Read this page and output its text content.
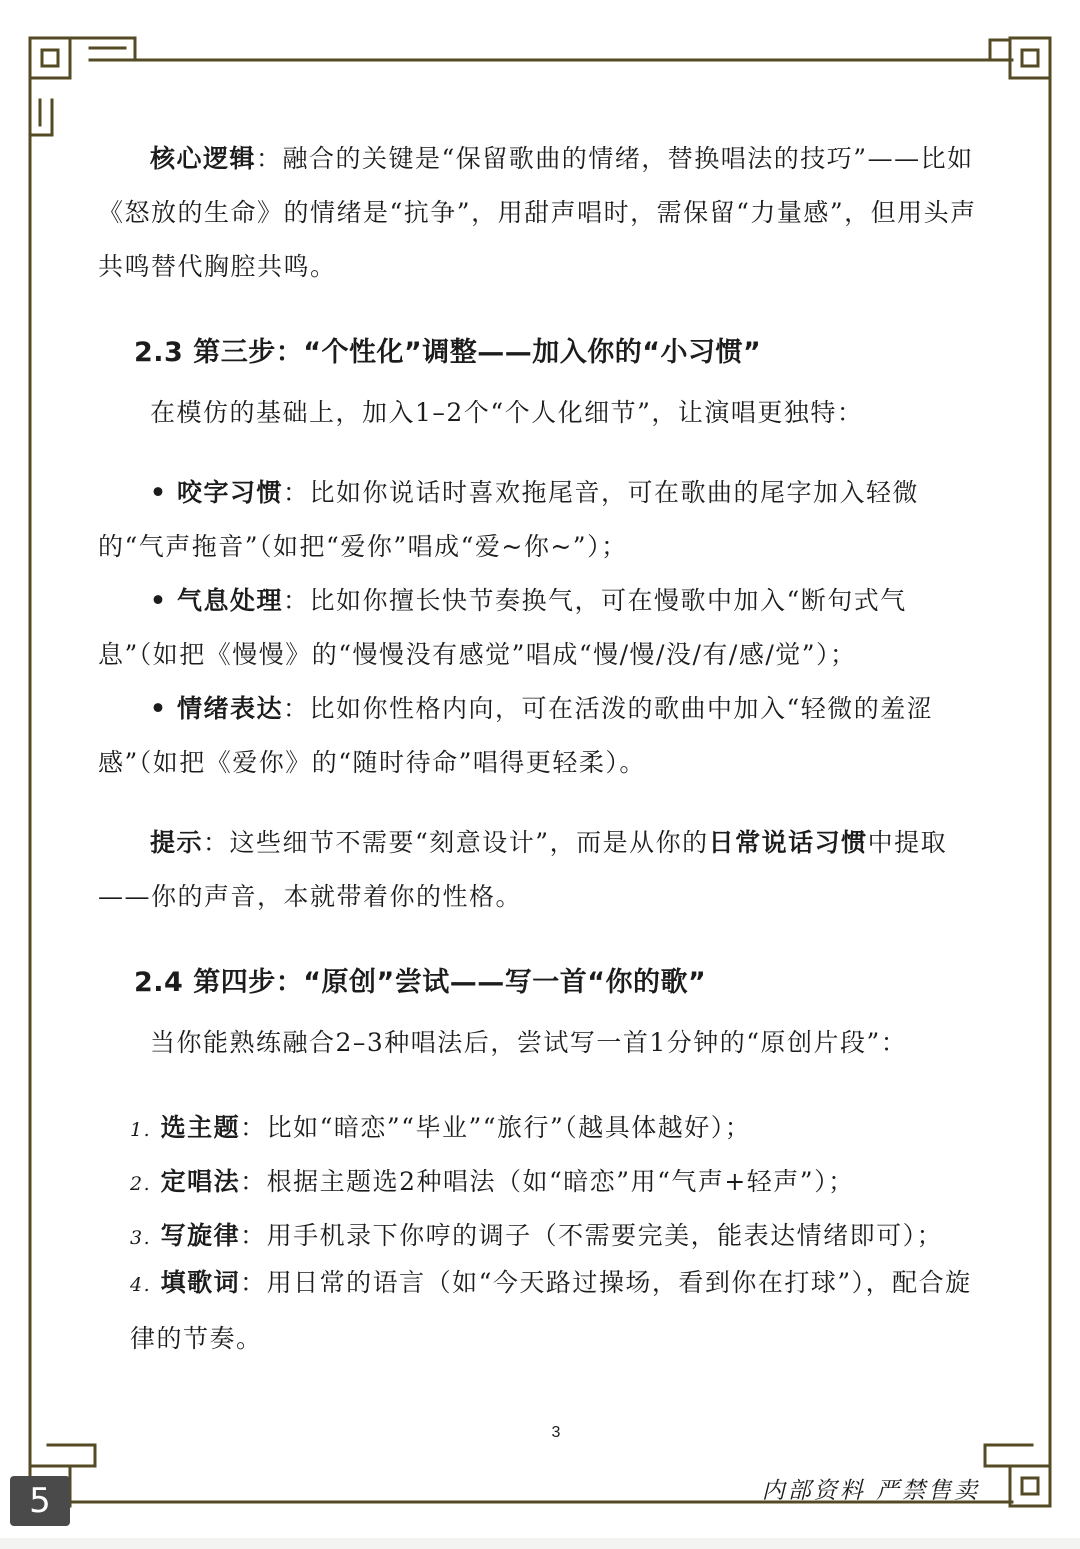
核心逻辑：融合的关键是“保留歌曲的情绪，替换唱法的技巧”——比如《怒放的生命》的情绪是“抗争”，用甜声唱时，需保留“力量感”，但用头声共鸣替代胸腔共鸣。

2.3 第三步：“个性化”调整——加入你的“小习惯”

在模仿的基础上，加入1–2个“个人化细节”，让演唱更独特：

• 咬字习惯：比如你说话时喜欢拖尾音，可在歌曲的尾字加入轻微的“气声拖音”（如把“爱你”唱成“爱~你~”）；

• 气息处理：比如你擅长快节奏换气，可在慢歌中加入“断句式气息”（如把《慢慢》的“慢慢没有感觉”唱成“慢/慢/没/有/感/觉”）；

• 情绪表达：比如你性格内向，可在活泼的歌曲中加入“轻微的羞涩感”（如把《爱你》的“随时待命”唱得更轻柔）。

提示：这些细节不需要“刻意设计”，而是从你的日常说话习惯中提取——你的声音，本就带着你的性格。

2.4 第四步：“原创”尝试——写一首“你的歌”

当你能熟练融合2–3种唱法后，尝试写一首1分钟的“原创片段”：

1. 选主题：比如“暗恋”“毕业”“旅行”（越具体越好）；

2. 定唱法：根据主题选2种唱法（如“暗恋”用“气声+轻声”）；

3. 写旋律：用手机录下你哼的调子（不需要完美，能表达情绪即可）；

4. 填歌词：用日常的语言（如“今天路过操场，看到你在打球”），配合旋律的节奏。

3
内部资料 严禁售卖
5
